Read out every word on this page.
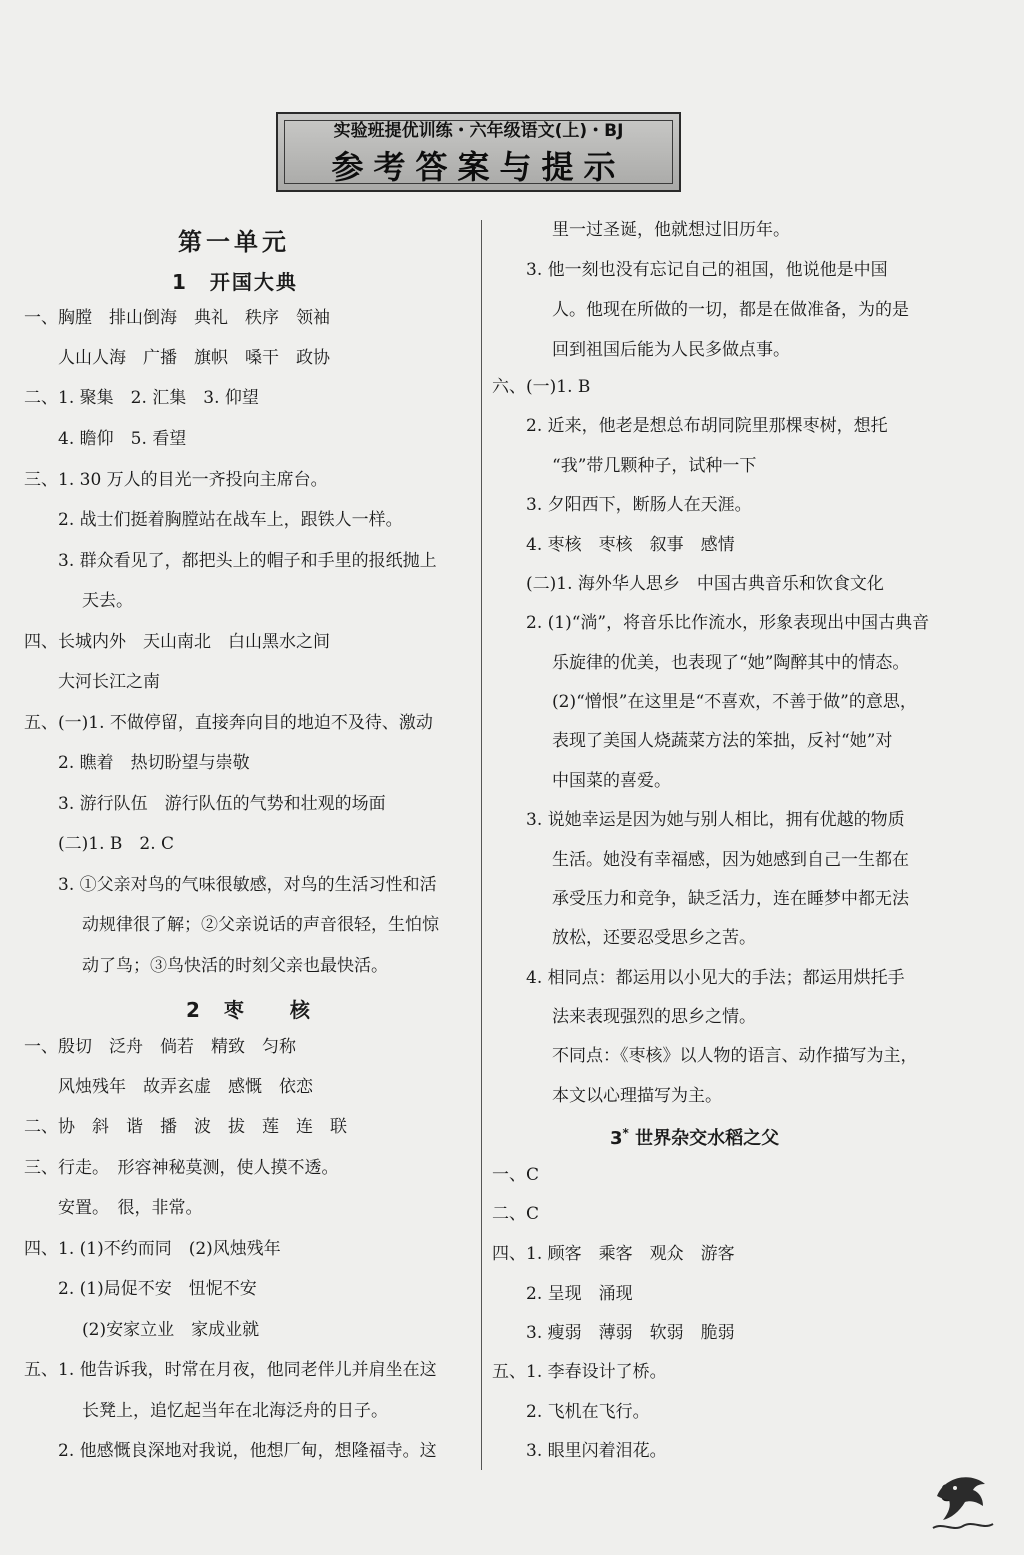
实验班提优训练・六年级语文(上)・BJ
参考答案与提示
第一单元
1　开国大典
一、胸膛　排山倒海　典礼　秩序　领袖
人山人海　广播　旗帜　嗓干　政协
二、1. 聚集　2. 汇集　3. 仰望
4. 瞻仰　5. 看望
三、1. 30 万人的目光一齐投向主席台。
2. 战士们挺着胸膛站在战车上，跟铁人一样。
3. 群众看见了，都把头上的帽子和手里的报纸抛上
天去。
四、长城内外　天山南北　白山黑水之间
大河长江之南
五、(一)1. 不做停留，直接奔向目的地迫不及待、激动
2. 瞧着　热切盼望与崇敬
3. 游行队伍　游行队伍的气势和壮观的场面
(二)1. B　2. C
3. ①父亲对鸟的气味很敏感，对鸟的生活习性和活
动规律很了解；②父亲说话的声音很轻，生怕惊
动了鸟；③鸟快活的时刻父亲也最快活。
2　枣　　核
一、殷切　泛舟　倘若　精致　匀称
风烛残年　故弄玄虚　感慨　依恋
二、协　斜　谐　播　波　拔　莲　连　联
三、行走。　形容神秘莫测，使人摸不透。
安置。　很，非常。
四、1. (1)不约而同　(2)风烛残年
2. (1)局促不安　忸怩不安
(2)安家立业　家成业就
五、1. 他告诉我，时常在月夜，他同老伴儿并肩坐在这
长凳上，追忆起当年在北海泛舟的日子。
2. 他感慨良深地对我说，他想厂甸，想隆福寺。这
里一过圣诞，他就想过旧历年。
3. 他一刻也没有忘记自己的祖国，他说他是中国
人。他现在所做的一切，都是在做准备，为的是
回到祖国后能为人民多做点事。
六、(一)1. B
2. 近来，他老是想总布胡同院里那棵枣树，想托
“我”带几颗种子，试种一下
3. 夕阳西下，断肠人在天涯。
4. 枣核　枣核　叙事　感情
(二)1. 海外华人思乡　中国古典音乐和饮食文化
2. (1)“淌”，将音乐比作流水，形象表现出中国古典音
乐旋律的优美，也表现了“她”陶醉其中的情态。
(2)“憎恨”在这里是“不喜欢，不善于做”的意思，
表现了美国人烧蔬菜方法的笨拙，反衬“她”对
中国菜的喜爱。
3. 说她幸运是因为她与别人相比，拥有优越的物质
生活。她没有幸福感，因为她感到自己一生都在
承受压力和竞争，缺乏活力，连在睡梦中都无法
放松，还要忍受思乡之苦。
4. 相同点：都运用以小见大的手法；都运用烘托手
法来表现强烈的思乡之情。
不同点：《枣核》以人物的语言、动作描写为主，
本文以心理描写为主。
3* 世界杂交水稻之父
一、C
二、C
四、1. 顾客　乘客　观众　游客
2. 呈现　涌现
3. 瘦弱　薄弱　软弱　脆弱
五、1. 李春设计了桥。
2. 飞机在飞行。
3. 眼里闪着泪花。
